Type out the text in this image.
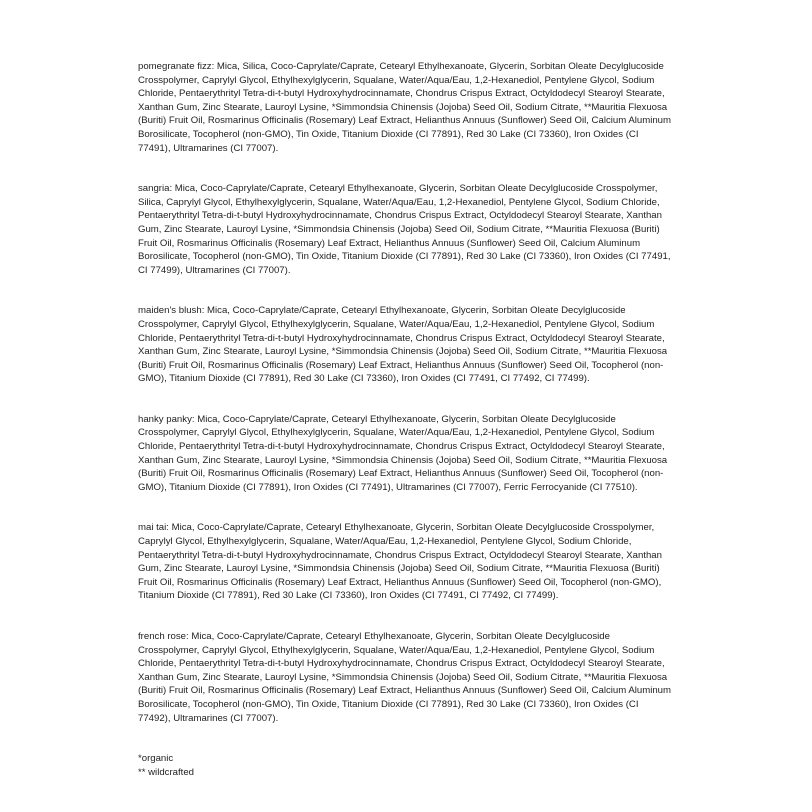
pomegranate fizz: Mica, Silica, Coco-Caprylate/Caprate, Cetearyl Ethylhexanoate, Glycerin, Sorbitan Oleate Decylglucoside Crosspolymer, Caprylyl Glycol, Ethylhexylglycerin, Squalane, Water/Aqua/Eau, 1,2-Hexanediol, Pentylene Glycol, Sodium Chloride, Pentaerythrityl Tetra-di-t-butyl Hydroxyhydrocinnamate, Chondrus Crispus Extract, Octyldodecyl Stearoyl Stearate, Xanthan Gum, Zinc Stearate, Lauroyl Lysine, *Simmondsia Chinensis (Jojoba) Seed Oil, Sodium Citrate, **Mauritia Flexuosa (Buriti) Fruit Oil, Rosmarinus Officinalis (Rosemary) Leaf Extract, Helianthus Annuus (Sunflower) Seed Oil, Calcium Aluminum Borosilicate, Tocopherol (non-GMO), Tin Oxide, Titanium Dioxide (CI 77891), Red 30 Lake (CI 73360), Iron Oxides (CI 77491), Ultramarines (CI 77007).

sangria: Mica, Coco-Caprylate/Caprate, Cetearyl Ethylhexanoate, Glycerin, Sorbitan Oleate Decylglucoside Crosspolymer, Silica, Caprylyl Glycol, Ethylhexylglycerin, Squalane, Water/Aqua/Eau, 1,2-Hexanediol, Pentylene Glycol, Sodium Chloride, Pentaerythrityl Tetra-di-t-butyl Hydroxyhydrocinnamate, Chondrus Crispus Extract, Octyldodecyl Stearoyl Stearate, Xanthan Gum, Zinc Stearate, Lauroyl Lysine, *Simmondsia Chinensis (Jojoba) Seed Oil, Sodium Citrate, **Mauritia Flexuosa (Buriti) Fruit Oil, Rosmarinus Officinalis (Rosemary) Leaf Extract, Helianthus Annuus (Sunflower) Seed Oil, Calcium Aluminum Borosilicate, Tocopherol (non-GMO), Tin Oxide, Titanium Dioxide (CI 77891), Red 30 Lake (CI 73360), Iron Oxides (CI 77491, CI 77499), Ultramarines (CI 77007).

maiden's blush: Mica, Coco-Caprylate/Caprate, Cetearyl Ethylhexanoate, Glycerin, Sorbitan Oleate Decylglucoside Crosspolymer, Caprylyl Glycol, Ethylhexylglycerin, Squalane, Water/Aqua/Eau, 1,2-Hexanediol, Pentylene Glycol, Sodium Chloride, Pentaerythrityl Tetra-di-t-butyl Hydroxyhydrocinnamate, Chondrus Crispus Extract, Octyldodecyl Stearoyl Stearate, Xanthan Gum, Zinc Stearate, Lauroyl Lysine, *Simmondsia Chinensis (Jojoba) Seed Oil, Sodium Citrate, **Mauritia Flexuosa (Buriti) Fruit Oil, Rosmarinus Officinalis (Rosemary) Leaf Extract, Helianthus Annuus (Sunflower) Seed Oil, Tocopherol (non-GMO), Titanium Dioxide (CI 77891), Red 30 Lake (CI 73360), Iron Oxides (CI 77491, CI 77492, CI 77499).

hanky panky: Mica, Coco-Caprylate/Caprate, Cetearyl Ethylhexanoate, Glycerin, Sorbitan Oleate Decylglucoside Crosspolymer, Caprylyl Glycol, Ethylhexylglycerin, Squalane, Water/Aqua/Eau, 1,2-Hexanediol, Pentylene Glycol, Sodium Chloride, Pentaerythrityl Tetra-di-t-butyl Hydroxyhydrocinnamate, Chondrus Crispus Extract, Octyldodecyl Stearoyl Stearate, Xanthan Gum, Zinc Stearate, Lauroyl Lysine, *Simmondsia Chinensis (Jojoba) Seed Oil, Sodium Citrate, **Mauritia Flexuosa (Buriti) Fruit Oil, Rosmarinus Officinalis (Rosemary) Leaf Extract, Helianthus Annuus (Sunflower) Seed Oil, Tocopherol (non-GMO), Titanium Dioxide (CI 77891), Iron Oxides (CI 77491), Ultramarines (CI 77007), Ferric Ferrocyanide (CI 77510).

mai tai: Mica, Coco-Caprylate/Caprate, Cetearyl Ethylhexanoate, Glycerin, Sorbitan Oleate Decylglucoside Crosspolymer, Caprylyl Glycol, Ethylhexylglycerin, Squalane, Water/Aqua/Eau, 1,2-Hexanediol, Pentylene Glycol, Sodium Chloride, Pentaerythrityl Tetra-di-t-butyl Hydroxyhydrocinnamate, Chondrus Crispus Extract, Octyldodecyl Stearoyl Stearate, Xanthan Gum, Zinc Stearate, Lauroyl Lysine, *Simmondsia Chinensis (Jojoba) Seed Oil, Sodium Citrate, **Mauritia Flexuosa (Buriti) Fruit Oil, Rosmarinus Officinalis (Rosemary) Leaf Extract, Helianthus Annuus (Sunflower) Seed Oil, Tocopherol (non-GMO), Titanium Dioxide (CI 77891), Red 30 Lake (CI 73360), Iron Oxides (CI 77491, CI 77492, CI 77499).

french rose: Mica, Coco-Caprylate/Caprate, Cetearyl Ethylhexanoate, Glycerin, Sorbitan Oleate Decylglucoside Crosspolymer, Caprylyl Glycol, Ethylhexylglycerin, Squalane, Water/Aqua/Eau, 1,2-Hexanediol, Pentylene Glycol, Sodium Chloride, Pentaerythrityl Tetra-di-t-butyl Hydroxyhydrocinnamate, Chondrus Crispus Extract, Octyldodecyl Stearoyl Stearate, Xanthan Gum, Zinc Stearate, Lauroyl Lysine, *Simmondsia Chinensis (Jojoba) Seed Oil, Sodium Citrate, **Mauritia Flexuosa (Buriti) Fruit Oil, Rosmarinus Officinalis (Rosemary) Leaf Extract, Helianthus Annuus (Sunflower) Seed Oil, Calcium Aluminum Borosilicate, Tocopherol (non-GMO), Tin Oxide, Titanium Dioxide (CI 77891), Red 30 Lake (CI 73360), Iron Oxides (CI 77492), Ultramarines (CI 77007).

*organic
** wildcrafted
